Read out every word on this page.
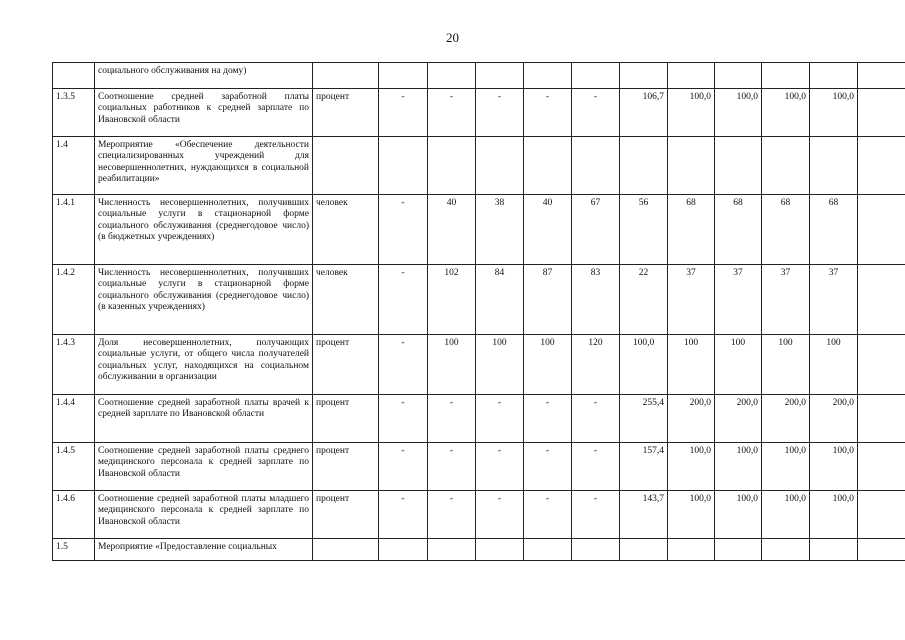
20
	социального обслуживания на дому)												
1.3.5	Соотношение средней заработной платы социальных работников к средней зарплате по Ивановской области	процент	-	-	-	-	-	106,7	100,0	100,0	100,0	100,0	
1.4	Мероприятие «Обеспечение деятельности специализированных учреждений для несовершеннолетних, нуждающихся в социальной реабилитации»												
1.4.1	Численность несовершеннолетних, получивших социальные услуги в стационарной форме социального обслуживания (среднегодовое число) (в бюджетных учреждениях)	человек	-	40	38	40	67	56	68	68	68	68	
1.4.2	Численность несовершеннолетних, получивших социальные услуги в стационарной форме социального обслуживания (среднегодовое число) (в казенных учреждениях)	человек	-	102	84	87	83	22	37	37	37	37	
1.4.3	Доля несовершеннолетних, получающих социальные услуги, от общего числа получателей социальных услуг, находящихся на социальном обслуживании в организации	процент	-	100	100	100	120	100,0	100	100	100	100	
1.4.4	Соотношение средней заработной платы врачей к средней зарплате по Ивановской области	процент	-	-	-	-	-	255,4	200,0	200,0	200,0	200,0	
1.4.5	Соотношение средней заработной платы среднего медицинского персонала к средней зарплате по Ивановской области	процент	-	-	-	-	-	157,4	100,0	100,0	100,0	100,0	
1.4.6	Соотношение средней заработной платы младшего медицинского персонала к средней зарплате по Ивановской области	процент	-	-	-	-	-	143,7	100,0	100,0	100,0	100,0	
1.5	Мероприятие «Предоставление социальных												
